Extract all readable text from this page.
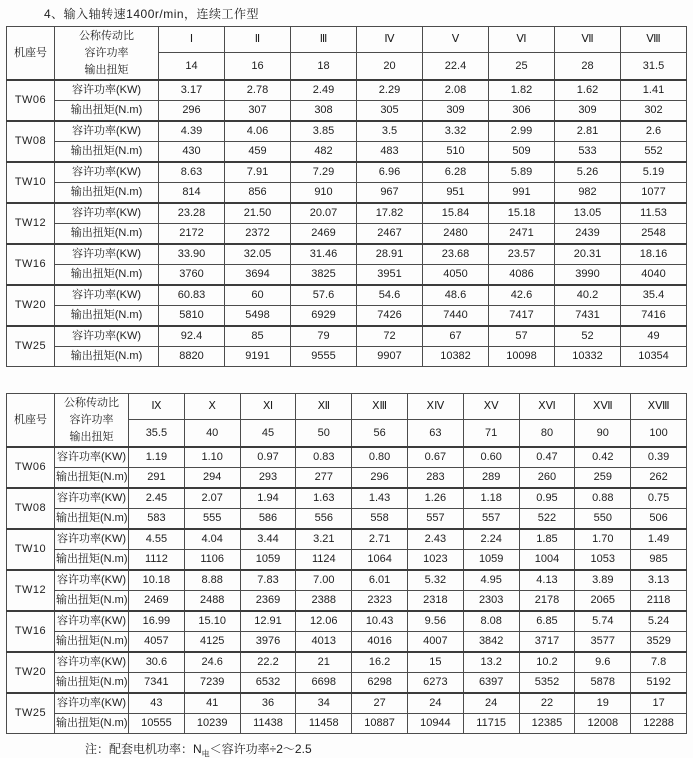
4、输入轴转速1400r/min，连续工作型
机座号	公称传动比
容许功率
输出扭矩	Ⅰ	Ⅱ	Ⅲ	Ⅳ	Ⅴ	Ⅵ	Ⅶ	Ⅷ
		14	16	18	20	22.4	25	28	31.5
TW06	容许功率(KW)	3.17	2.78	2.49	2.29	2.08	1.82	1.62	1.41
	输出扭矩(N.m)	296	307	308	305	309	306	309	302
TW08	容许功率(KW)	4.39	4.06	3.85	3.5	3.32	2.99	2.81	2.6
	输出扭矩(N.m)	430	459	482	483	510	509	533	552
TW10	容许功率(KW)	8.63	7.91	7.29	6.96	6.28	5.89	5.26	5.19
	输出扭矩(N.m)	814	856	910	967	951	991	982	1077
TW12	容许功率(KW)	23.28	21.50	20.07	17.82	15.84	15.18	13.05	11.53
	输出扭矩(N.m)	2172	2372	2469	2467	2480	2471	2439	2548
TW16	容许功率(KW)	33.90	32.05	31.46	28.91	23.68	23.57	20.31	18.16
	输出扭矩(N.m)	3760	3694	3825	3951	4050	4086	3990	4040
TW20	容许功率(KW)	60.83	60	57.6	54.6	48.6	42.6	40.2	35.4
	输出扭矩(N.m)	5810	5498	6929	7426	7440	7417	7431	7416
TW25	容许功率(KW)	92.4	85	79	72	67	57	52	49
	输出扭矩(N.m)	8820	9191	9555	9907	10382	10098	10332	10354
机座号	公称传动比
容许功率
输出扭矩	Ⅸ	Ⅹ	Ⅺ	Ⅻ	ⅩⅢ	ⅩⅣ	ⅩⅤ	ⅩⅥ	ⅩⅦ	ⅩⅧ
		35.5	40	45	50	56	63	71	80	90	100
TW06	容许功率(KW)	1.19	1.10	0.97	0.83	0.80	0.67	0.60	0.47	0.42	0.39
	输出扭矩(N.m)	291	294	293	277	296	283	289	260	259	262
TW08	容许功率(KW)	2.45	2.07	1.94	1.63	1.43	1.26	1.18	0.95	0.88	0.75
	输出扭矩(N.m)	583	555	586	556	558	557	557	522	550	506
TW10	容许功率(KW)	4.55	4.04	3.44	3.21	2.71	2.43	2.24	1.85	1.70	1.49
	输出扭矩(N.m)	1112	1106	1059	1124	1064	1023	1059	1004	1053	985
TW12	容许功率(KW)	10.18	8.88	7.83	7.00	6.01	5.32	4.95	4.13	3.89	3.13
	输出扭矩(N.m)	2469	2488	2369	2388	2323	2318	2303	2178	2065	2118
TW16	容许功率(KW)	16.99	15.10	12.91	12.06	10.43	9.56	8.08	6.85	5.74	5.24
	输出扭矩(N.m)	4057	4125	3976	4013	4016	4007	3842	3717	3577	3529
TW20	容许功率(KW)	30.6	24.6	22.2	21	16.2	15	13.2	10.2	9.6	7.8
	输出扭矩(N.m)	7341	7239	6532	6698	6298	6273	6397	5352	5878	5192
TW25	容许功率(KW)	43	41	36	34	27	24	24	22	19	17
	输出扭矩(N.m)	10555	10239	11438	11458	10887	10944	11715	12385	12008	12288
注：配套电机功率：$N_电<$容许功率÷2～2.5
